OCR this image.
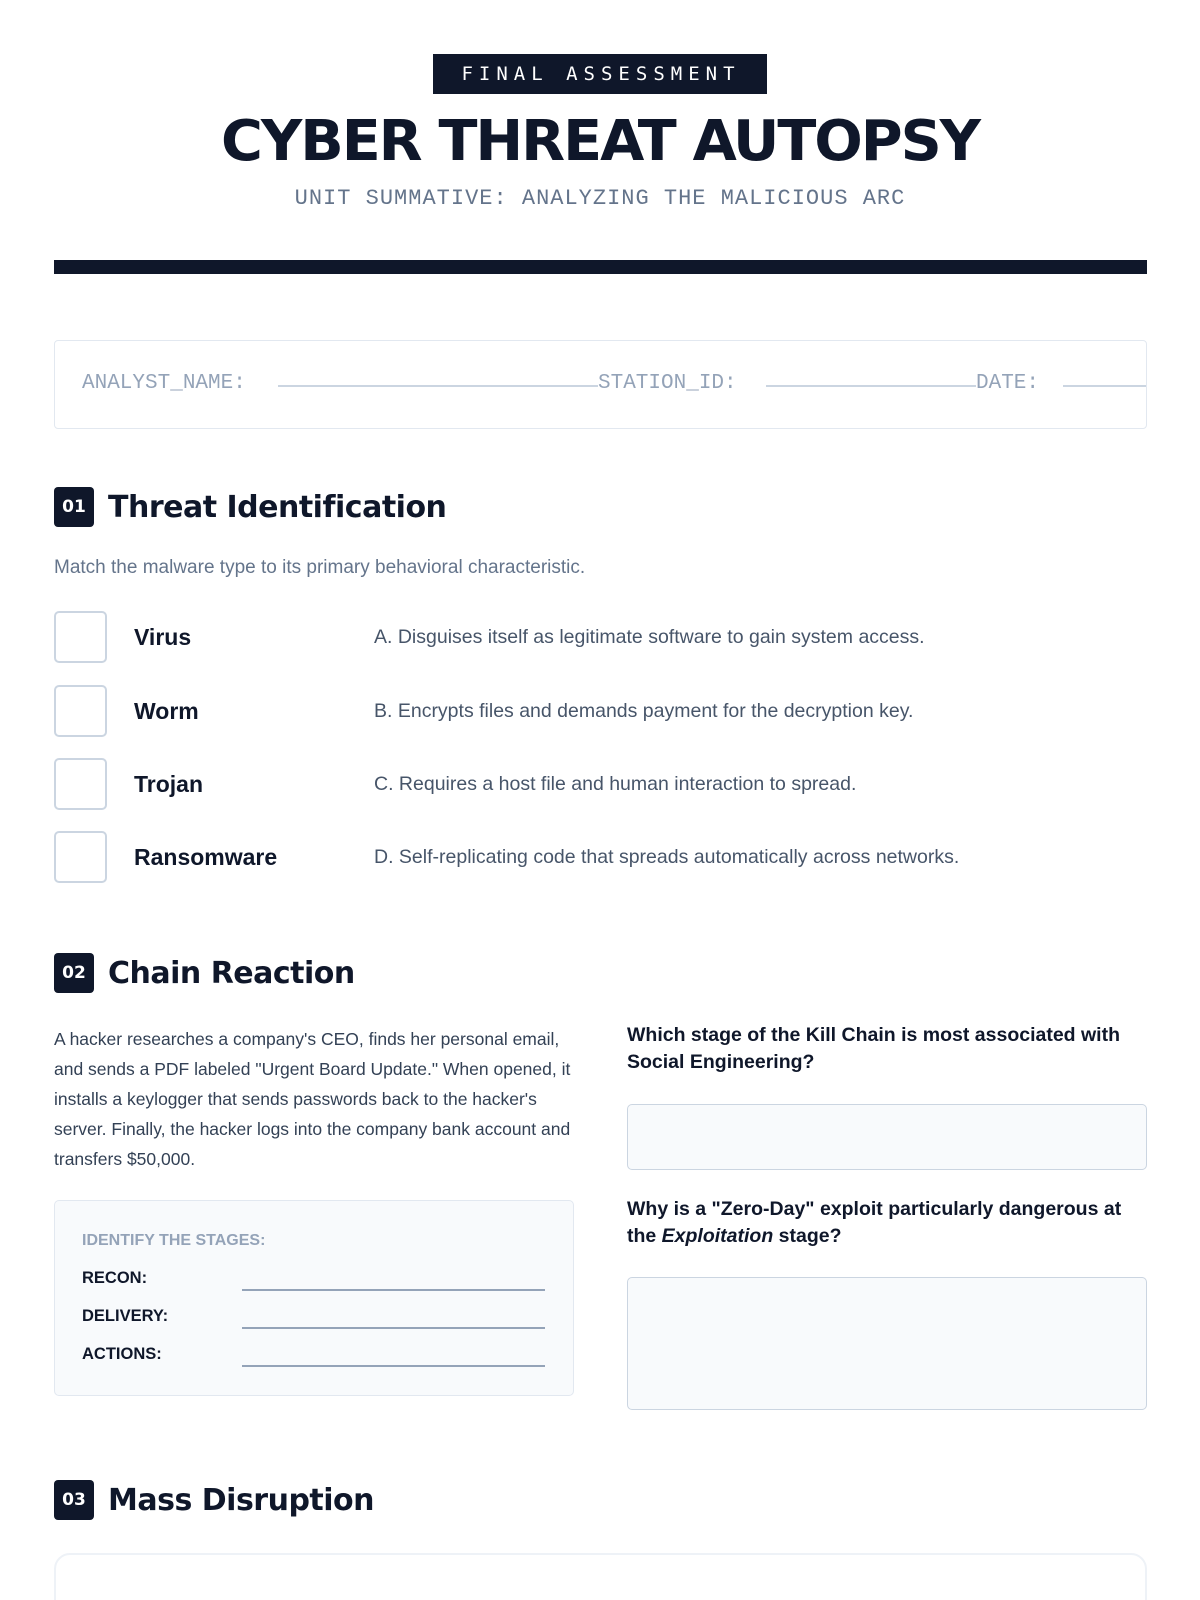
FINAL ASSESSMENT
CYBER THREAT AUTOPSY
UNIT SUMMATIVE: ANALYZING THE MALICIOUS ARC
ANALYST_NAME:	STATION_ID:	DATE:
01 Threat Identification
Match the malware type to its primary behavioral characteristic.
Virus	A. Disguises itself as legitimate software to gain system access.
Worm	B. Encrypts files and demands payment for the decryption key.
Trojan	C. Requires a host file and human interaction to spread.
Ransomware	D. Self-replicating code that spreads automatically across networks.
02 Chain Reaction
A hacker researches a company's CEO, finds her personal email, and sends a PDF labeled "Urgent Board Update." When opened, it installs a keylogger that sends passwords back to the hacker's server. Finally, the hacker logs into the company bank account and transfers $50,000.
IDENTIFY THE STAGES:
RECON:
DELIVERY:
ACTIONS:
Which stage of the Kill Chain is most associated with Social Engineering?
Why is a "Zero-Day" exploit particularly dangerous at the Exploitation stage?
03 Mass Disruption
